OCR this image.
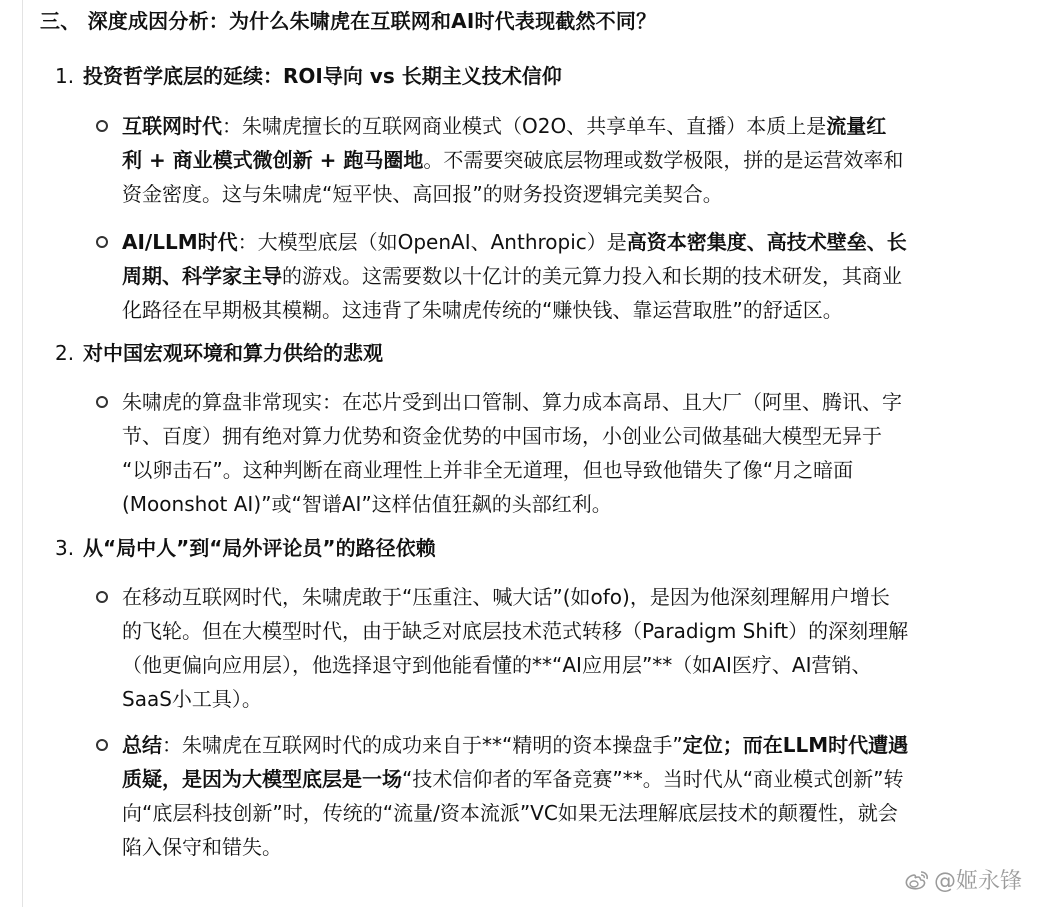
三、 深度成因分析：为什么朱啸虎在互联网和AI时代表现截然不同？
1. 投资哲学底层的延续：ROI导向 vs 长期主义技术信仰
互联网时代：朱啸虎擅长的互联网商业模式（O2O、共享单车、直播）本质上是流量红
利 + 商业模式微创新 + 跑马圈地。不需要突破底层物理或数学极限，拼的是运营效率和
资金密度。这与朱啸虎“短平快、高回报”的财务投资逻辑完美契合。
AI/LLM时代：大模型底层（如OpenAI、Anthropic）是高资本密集度、高技术壁垒、长
周期、科学家主导的游戏。这需要数以十亿计的美元算力投入和长期的技术研发，其商业
化路径在早期极其模糊。这违背了朱啸虎传统的“赚快钱、靠运营取胜”的舒适区。
2. 对中国宏观环境和算力供给的悲观
朱啸虎的算盘非常现实：在芯片受到出口管制、算力成本高昂、且大厂（阿里、腾讯、字
节、百度）拥有绝对算力优势和资金优势的中国市场，小创业公司做基础大模型无异于
“以卵击石”。这种判断在商业理性上并非全无道理，但也导致他错失了像“月之暗面
(Moonshot AI)”或“智谱AI”这样估值狂飙的头部红利。
3. 从“局中人”到“局外评论员”的路径依赖
在移动互联网时代，朱啸虎敢于“压重注、喊大话”(如ofo)，是因为他深刻理解用户增长
的飞轮。但在大模型时代，由于缺乏对底层技术范式转移（Paradigm Shift）的深刻理解
（他更偏向应用层），他选择退守到他能看懂的**“AI应用层”**（如AI医疗、AI营销、
SaaS小工具）。
总结：朱啸虎在互联网时代的成功来自于**“精明的资本操盘手”定位；而在LLM时代遭遇
质疑，是因为大模型底层是一场“技术信仰者的军备竞赛”**。当时代从“商业模式创新”转
向“底层科技创新”时，传统的“流量/资本流派”VC如果无法理解底层技术的颠覆性，就会
陷入保守和错失。
@姬永锋
